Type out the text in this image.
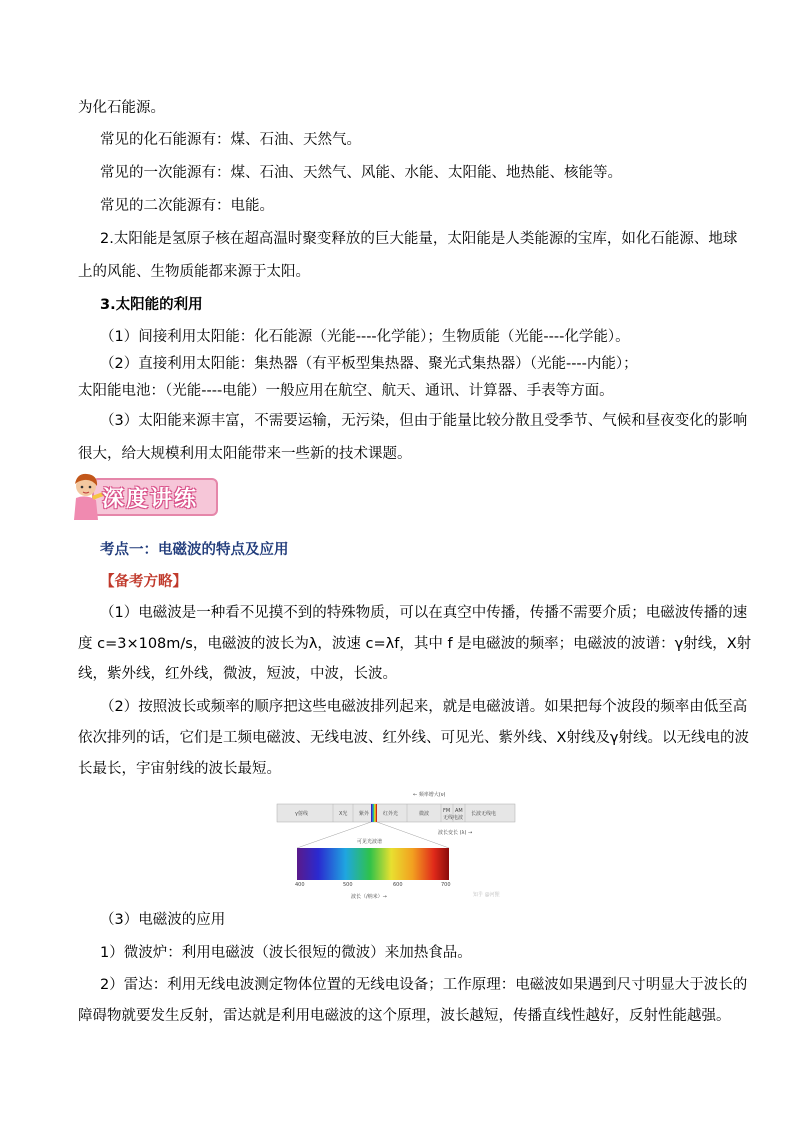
为化石能源。
常见的化石能源有：煤、石油、天然气。
常见的一次能源有：煤、石油、天然气、风能、水能、太阳能、地热能、核能等。
常见的二次能源有：电能。
2.太阳能是氢原子核在超高温时聚变释放的巨大能量，太阳能是人类能源的宝库，如化石能源、地球
上的风能、生物质能都来源于太阳。
3.太阳能的利用
（1）间接利用太阳能：化石能源（光能----化学能）；生物质能（光能----化学能）。
（2）直接利用太阳能：集热器（有平板型集热器、聚光式集热器）（光能----内能）；
太阳能电池：（光能----电能）一般应用在航空、航天、通讯、计算器、手表等方面。
（3）太阳能来源丰富，不需要运输，无污染，但由于能量比较分散且受季节、气候和昼夜变化的影响
很大，给大规模利用太阳能带来一些新的技术课题。
深度讲练
考点一：电磁波的特点及应用
【备考方略】
（1）电磁波是一种看不见摸不到的特殊物质，可以在真空中传播，传播不需要介质；电磁波传播的速
度 c=3×108m/s，电磁波的波长为λ，波速 c=λf，其中 f 是电磁波的频率；电磁波的波谱：γ射线，X射
线，紫外线，红外线，微波，短波，中波，长波。
（2）按照波长或频率的顺序把这些电磁波排列起来，就是电磁波谱。如果把每个波段的频率由低至高
依次排列的话，它们是工频电磁波、无线电波、红外线、可见光、紫外线、X射线及γ射线。以无线电的波
长最长，宇宙射线的波长最短。
← 频率增大(ν)
γ射线	X光 紫外	红外光	微波	FM AM 长波无线电
无线电波
波长变长 (λ) →
可见光波谱
400	500	600	700
波长（/纳米）→	知乎 @河狸
（3）电磁波的应用
1）微波炉：利用电磁波（波长很短的微波）来加热食品。
2）雷达：利用无线电波测定物体位置的无线电设备；工作原理：电磁波如果遇到尺寸明显大于波长的
障碍物就要发生反射，雷达就是利用电磁波的这个原理，波长越短，传播直线性越好，反射性能越强。
